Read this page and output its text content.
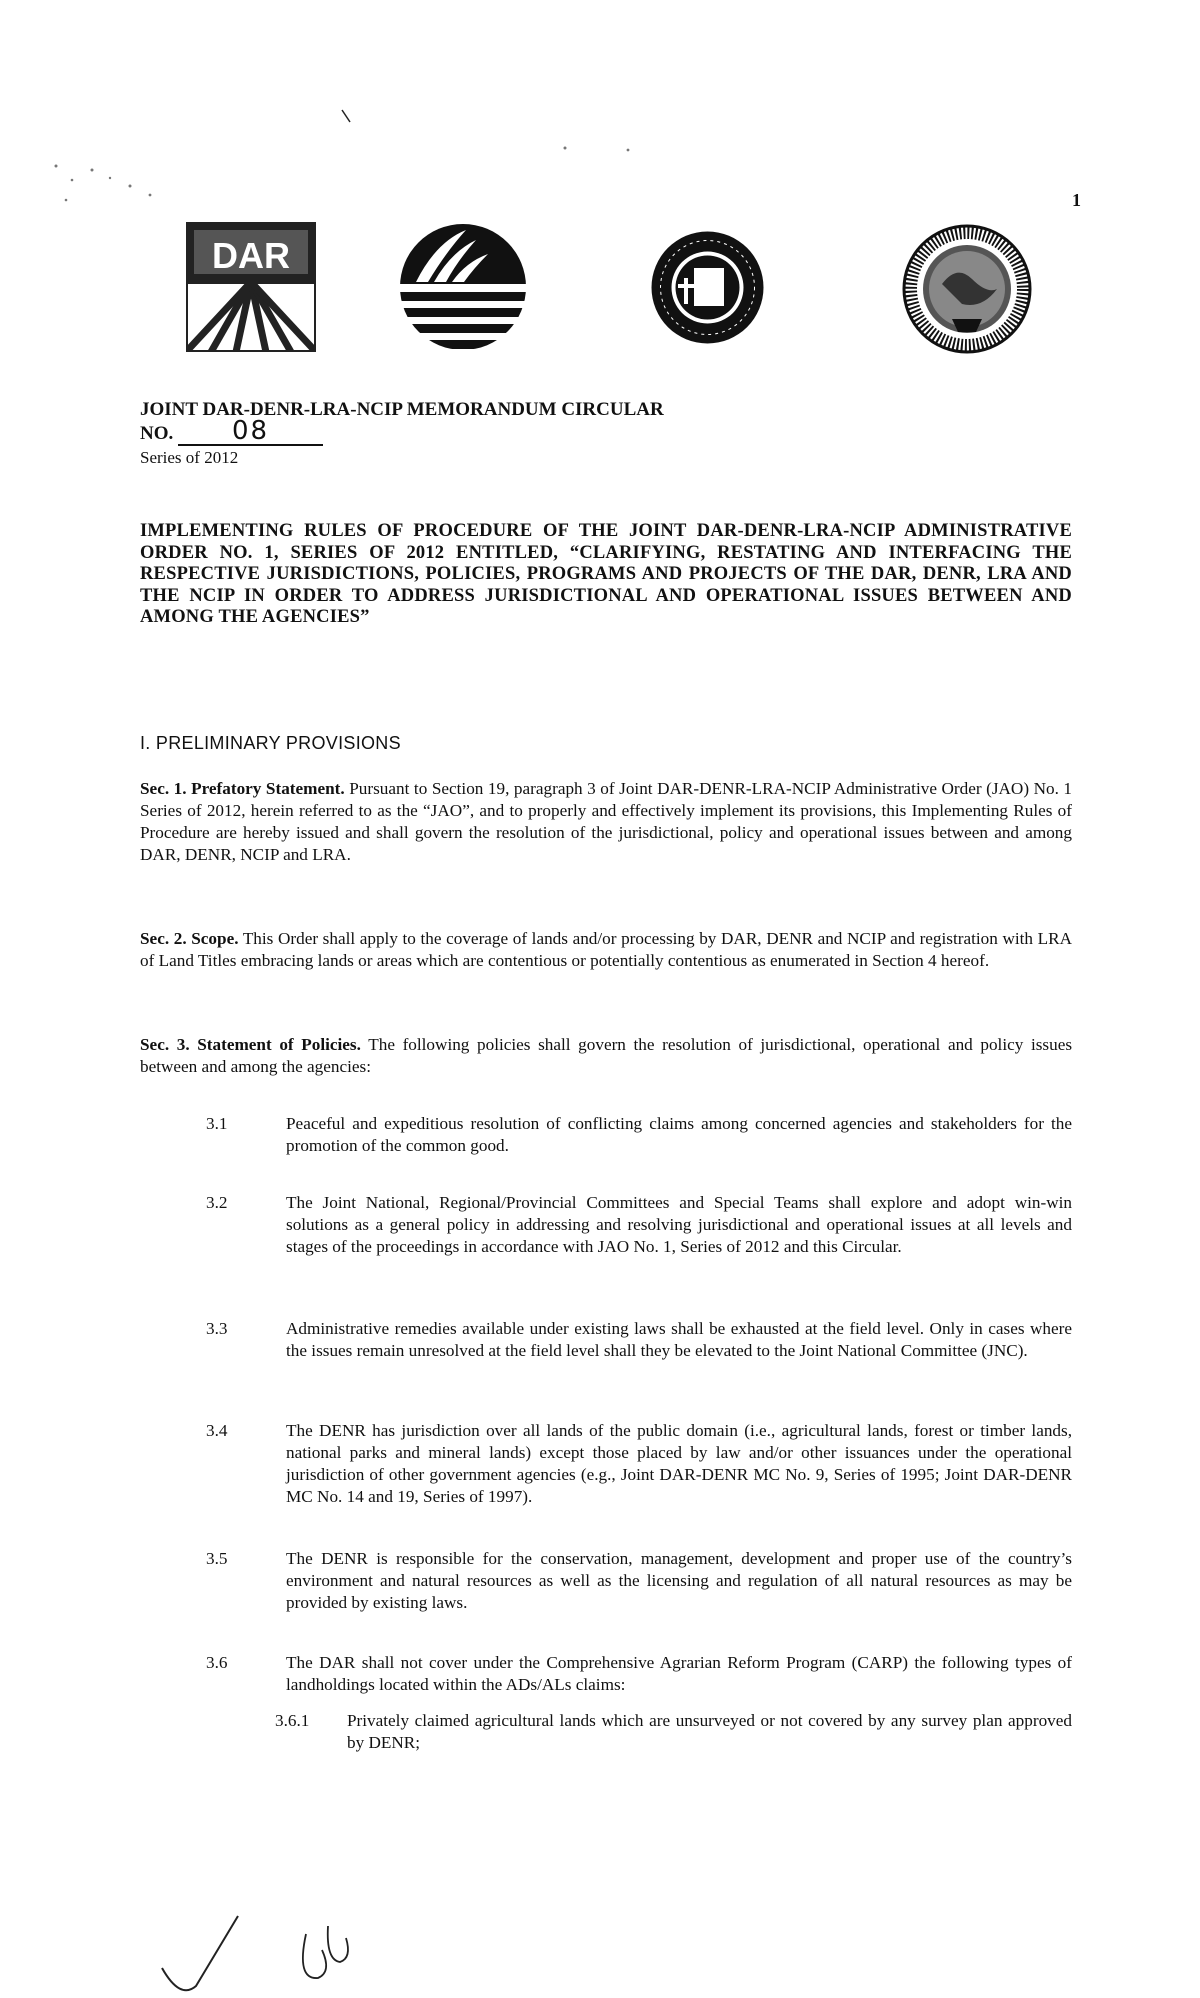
1
DAR
JOINT DAR-DENR-LRA-NCIP MEMORANDUM CIRCULAR
NO. 08
Series of 2012
IMPLEMENTING RULES OF PROCEDURE OF THE JOINT DAR-DENR-LRA-NCIP ADMINISTRATIVE ORDER NO. 1, SERIES OF 2012 ENTITLED, “CLARIFYING, RESTATING AND INTERFACING THE RESPECTIVE JURISDICTIONS, POLICIES, PROGRAMS AND PROJECTS OF THE DAR, DENR, LRA AND THE NCIP IN ORDER TO ADDRESS JURISDICTIONAL AND OPERATIONAL ISSUES BETWEEN AND AMONG THE AGENCIES”
I. PRELIMINARY PROVISIONS
Sec. 1. Prefatory Statement. Pursuant to Section 19, paragraph 3 of Joint DAR-DENR-LRA-NCIP Administrative Order (JAO) No. 1 Series of 2012, herein referred to as the “JAO”, and to properly and effectively implement its provisions, this Implementing Rules of Procedure are hereby issued and shall govern the resolution of the jurisdictional, policy and operational issues between and among DAR, DENR, NCIP and LRA.
Sec. 2. Scope. This Order shall apply to the coverage of lands and/or processing by DAR, DENR and NCIP and registration with LRA of Land Titles embracing lands or areas which are contentious or potentially contentious as enumerated in Section 4 hereof.
Sec. 3. Statement of Policies. The following policies shall govern the resolution of jurisdictional, operational and policy issues between and among the agencies:
3.1	Peaceful and expeditious resolution of conflicting claims among concerned agencies and stakeholders for the promotion of the common good.
3.2	The Joint National, Regional/Provincial Committees and Special Teams shall explore and adopt win-win solutions as a general policy in addressing and resolving jurisdictional and operational issues at all levels and stages of the proceedings in accordance with JAO No. 1, Series of 2012 and this Circular.
3.3	Administrative remedies available under existing laws shall be exhausted at the field level. Only in cases where the issues remain unresolved at the field level shall they be elevated to the Joint National Committee (JNC).
3.4	The DENR has jurisdiction over all lands of the public domain (i.e., agricultural lands, forest or timber lands, national parks and mineral lands) except those placed by law and/or other issuances under the operational jurisdiction of other government agencies (e.g., Joint DAR-DENR MC No. 9, Series of 1995; Joint DAR-DENR MC No. 14 and 19, Series of 1997).
3.5	The DENR is responsible for the conservation, management, development and proper use of the country’s environment and natural resources as well as the licensing and regulation of all natural resources as may be provided by existing laws.
3.6	The DAR shall not cover under the Comprehensive Agrarian Reform Program (CARP) the following types of landholdings located within the ADs/ALs claims:
3.6.1	Privately claimed agricultural lands which are unsurveyed or not covered by any survey plan approved by DENR;
